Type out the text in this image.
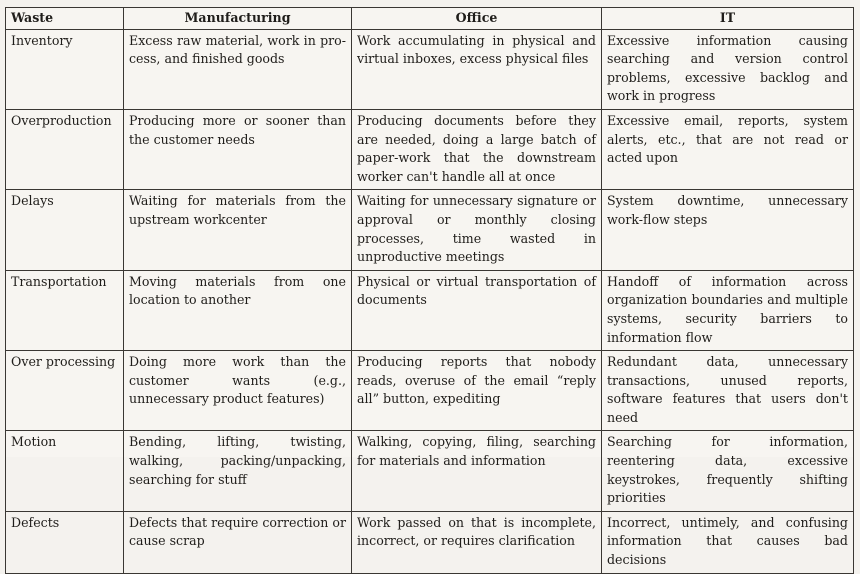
Waste	Manufacturing	Office	IT
Inventory	Excess raw material, work in pro-cess, and finished goods	Work accumulating in physical and virtual inboxes, excess physical files	Excessive information causing searching and version control problems, excessive backlog and work in progress
Overproduction	Producing more or sooner than the customer needs	Producing documents before they are needed, doing a large batch of paper-work that the downstream worker can't handle all at once	Excessive email, reports, system alerts, etc., that are not read or acted upon
Delays	Waiting for materials from the upstream workcenter	Waiting for unnecessary signature or approval or monthly closing processes, time wasted in unproductive meetings	System downtime, unnecessary work-flow steps
Transportation	Moving materials from one location to another	Physical or virtual transportation of documents	Handoff of information across organization boundaries and multiple systems, security barriers to information flow
Over processing	Doing more work than the customer wants (e.g., unnecessary product features)	Producing reports that nobody reads, overuse of the email “reply all” button, expediting	Redundant data, unnecessary transactions, unused reports, software features that users don't need
Motion	Bending, lifting, twisting, walking, packing/unpacking, searching for stuff	Walking, copying, filing, searching for materials and information	Searching for information, reentering data, excessive keystrokes, frequently shifting priorities
Defects	Defects that require correction or cause scrap	Work passed on that is incomplete, incorrect, or requires clarification	Incorrect, untimely, and confusing information that causes bad decisions
